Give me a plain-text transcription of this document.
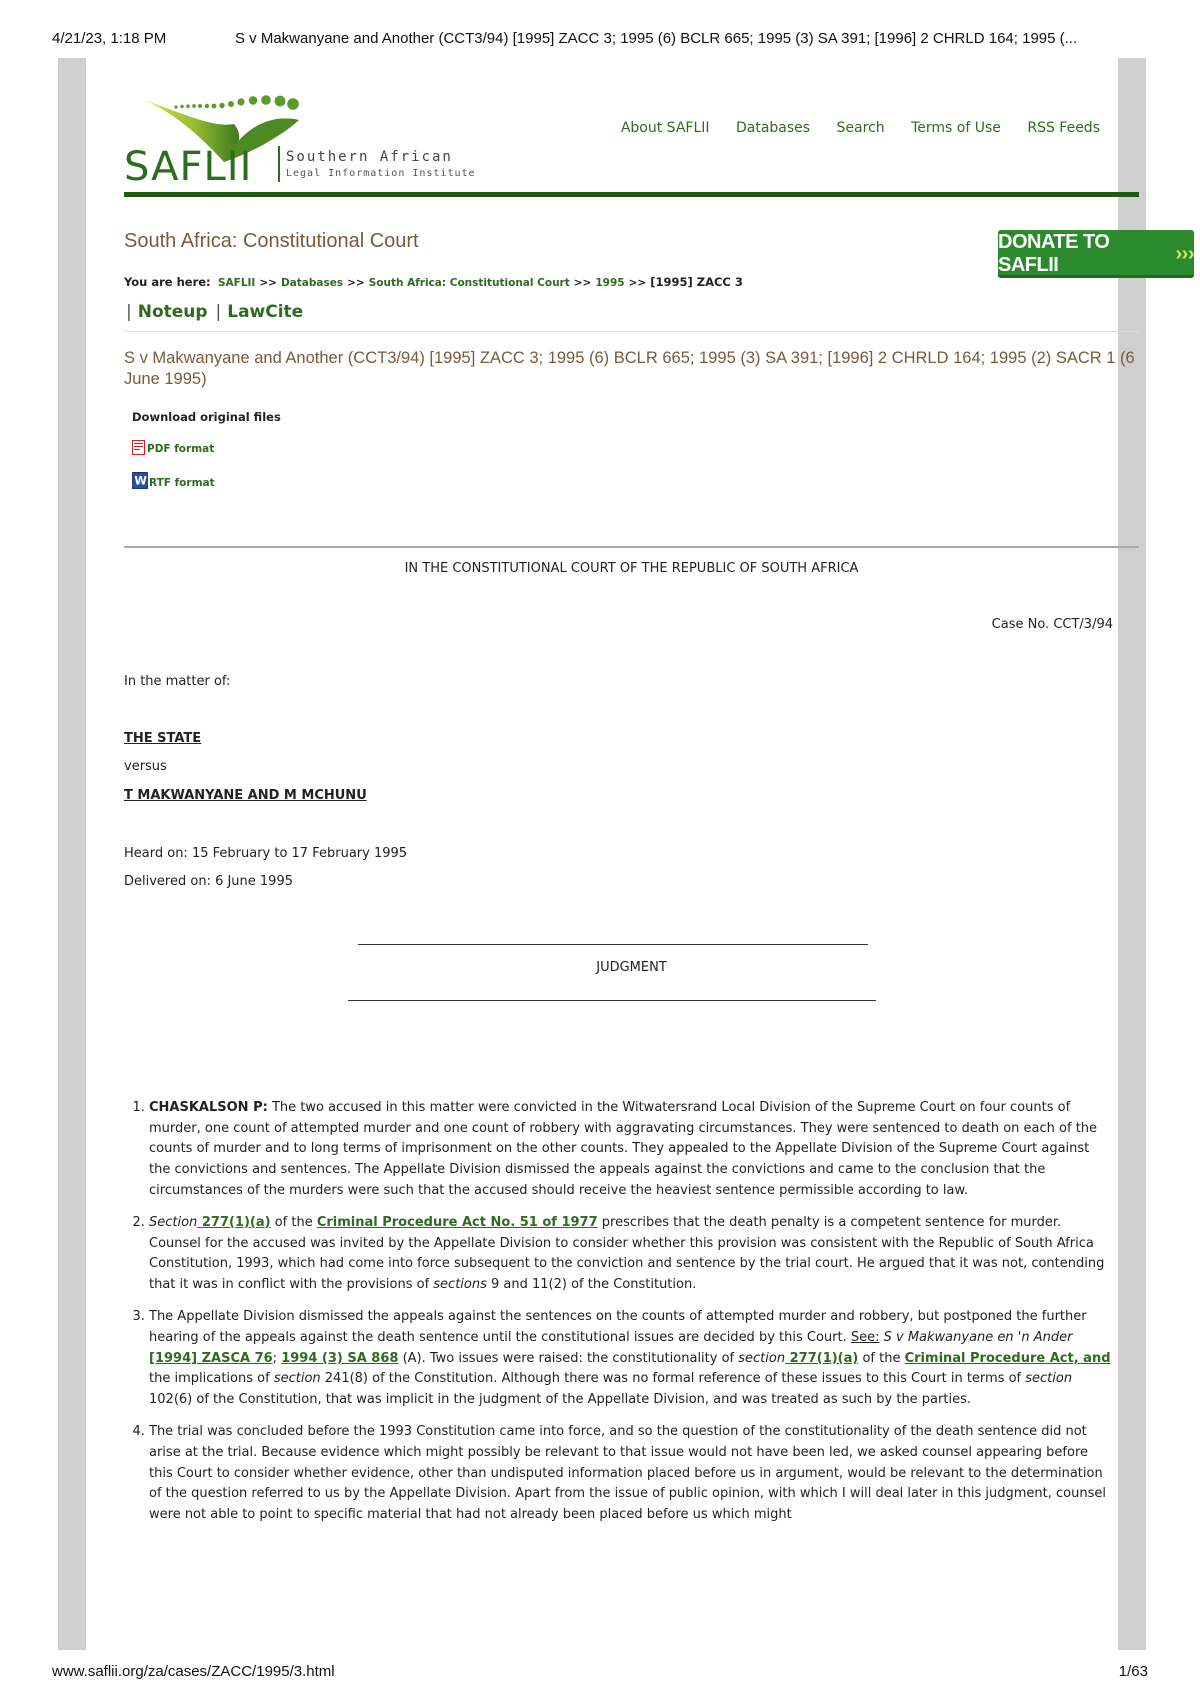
4/21/23, 1:18 PM	S v Makwanyane and Another (CCT3/94) [1995] ZACC 3; 1995 (6) BCLR 665; 1995 (3) SA 391; [1996] 2 CHRLD 164; 1995 (...
SAFLII Southern African
Legal Information Institute
About SAFLII Databases Search Terms of Use RSS Feeds
South Africa: Constitutional Court	DONATE TO SAFLII
›››
You are here: SAFLII >> Databases >> South Africa: Constitutional Court >> 1995 >> [1995] ZACC 3
| Noteup | LawCite
S v Makwanyane and Another (CCT3/94) [1995] ZACC 3; 1995 (6) BCLR 665; 1995 (3) SA 391; [1996] 2 CHRLD 164; 1995 (2) SACR 1 (6 June 1995)
Download original files
PDF format
W RTF format
IN THE CONSTITUTIONAL COURT OF THE REPUBLIC OF SOUTH AFRICA
Case No. CCT/3/94
In the matter of:
THE STATE
versus
T MAKWANYANE AND M MCHUNU
Heard on: 15 February to 17 February 1995
Delivered on: 6 June 1995
JUDGMENT
1. CHASKALSON P: The two accused in this matter were convicted in the Witwatersrand Local Division of the Supreme Court on four counts of murder, one count of attempted murder and one count of robbery with aggravating circumstances. They were sentenced to death on each of the counts of murder and to long terms of imprisonment on the other counts. They appealed to the Appellate Division of the Supreme Court against the convictions and sentences. The Appellate Division dismissed the appeals against the convictions and came to the conclusion that the circumstances of the murders were such that the accused should receive the heaviest sentence permissible according to law.
2. Section 277(1)(a) of the Criminal Procedure Act No. 51 of 1977 prescribes that the death penalty is a competent sentence for murder. Counsel for the accused was invited by the Appellate Division to consider whether this provision was consistent with the Republic of South Africa Constitution, 1993, which had come into force subsequent to the conviction and sentence by the trial court. He argued that it was not, contending that it was in conflict with the provisions of sections 9 and 11(2) of the Constitution.
3. The Appellate Division dismissed the appeals against the sentences on the counts of attempted murder and robbery, but postponed the further hearing of the appeals against the death sentence until the constitutional issues are decided by this Court. See: S v Makwanyane en 'n Ander [1994] ZASCA 76; 1994 (3) SA 868 (A). Two issues were raised: the constitutionality of section 277(1)(a) of the Criminal Procedure Act, and the implications of section 241(8) of the Constitution. Although there was no formal reference of these issues to this Court in terms of section 102(6) of the Constitution, that was implicit in the judgment of the Appellate Division, and was treated as such by the parties.
4. The trial was concluded before the 1993 Constitution came into force, and so the question of the constitutionality of the death sentence did not arise at the trial. Because evidence which might possibly be relevant to that issue would not have been led, we asked counsel appearing before this Court to consider whether evidence, other than undisputed information placed before us in argument, would be relevant to the determination of the question referred to us by the Appellate Division. Apart from the issue of public opinion, with which I will deal later in this judgment, counsel were not able to point to specific material that had not already been placed before us which might
www.saflii.org/za/cases/ZACC/1995/3.html	1/63
